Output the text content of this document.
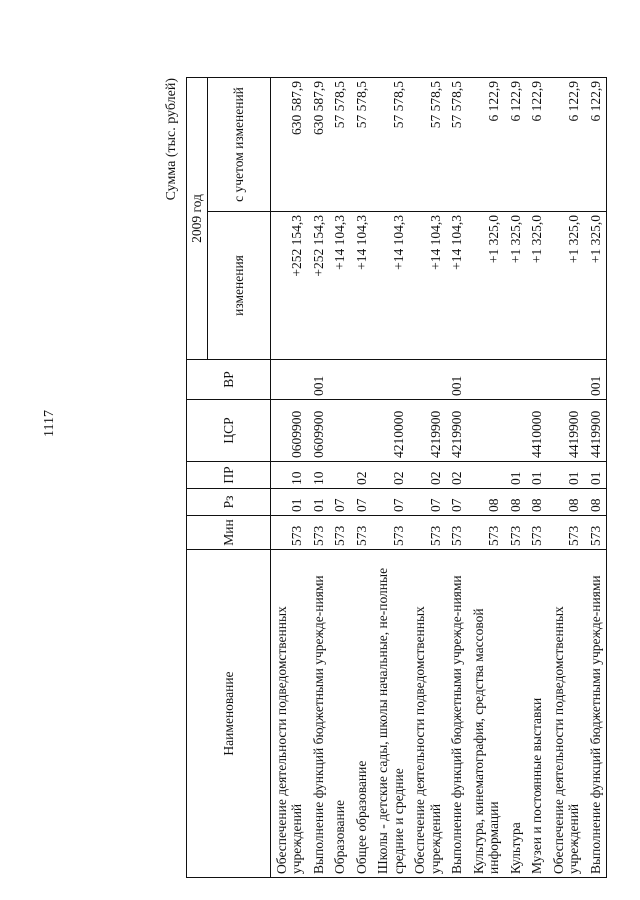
1117
Сумма (тыс. рублей)
Наименование	Мин	Рз	ПР	ЦСР	ВР	2009 год	
						изменения	с учетом изменений
Обеспечение деятельности подведомственных учреждений	573	01	10	0609900		+252 154,3	630 587,9
Выполнение функций бюджетными учрежде-ниями	573	01	10	0609900	001	+252 154,3	630 587,9
Образование	573	07				+14 104,3	57 578,5
Общее образование	573	07	02			+14 104,3	57 578,5
Школы - детские сады, школы начальные, не-полные средние и средние	573	07	02	4210000		+14 104,3	57 578,5
Обеспечение деятельности подведомственных учреждений	573	07	02	4219900		+14 104,3	57 578,5
Выполнение функций бюджетными учрежде-ниями	573	07	02	4219900	001	+14 104,3	57 578,5
Культура, кинематография, средства массовой информации	573	08				+1 325,0	6 122,9
Культура	573	08	01			+1 325,0	6 122,9
Музеи и постоянные выставки	573	08	01	4410000		+1 325,0	6 122,9
Обеспечение деятельности подведомственных учреждений	573	08	01	4419900		+1 325,0	6 122,9
Выполнение функций бюджетными учрежде-ниями	573	08	01	4419900	001	+1 325,0	6 122,9
